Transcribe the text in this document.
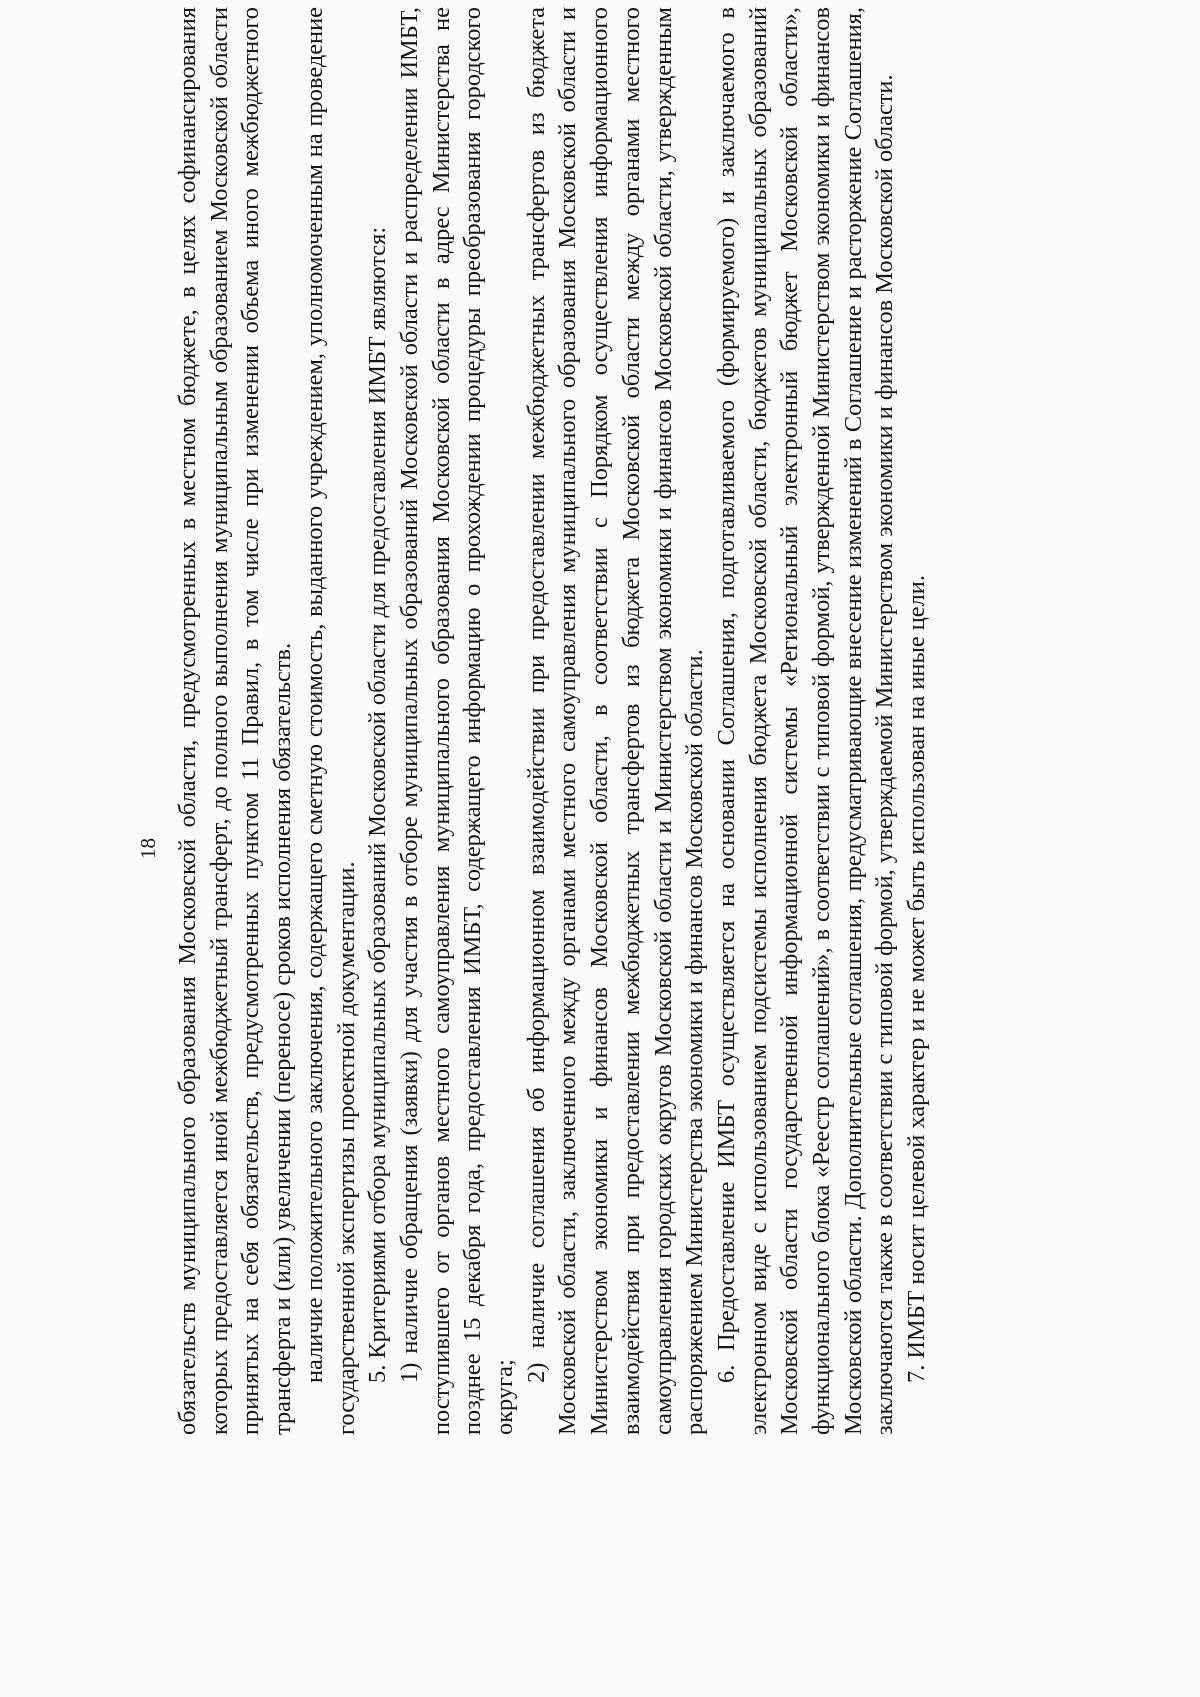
18 обязательств муниципального образования Московской области, предусмотренных в местном бюджете, в целях софинансирования которых предоставляется иной межбюджетный трансферт, до полного выполнения муниципальным образованием Московской области принятых на себя обязательств, предусмотренных пунктом 11 Правил, в том числе при изменении объема иного межбюджетного трансферта и (или) увеличении (переносе) сроков исполнения обязательств. наличие положительного заключения, содержащего сметную стоимость, выданного учреждением, уполномоченным на проведение государственной экспертизы проектной документации. 5. Критериями отбора муниципальных образований Московской области для предоставления ИМБТ являются: 1) наличие обращения (заявки) для участия в отборе муниципальных образований Московской области и распределении ИМБТ, поступившего от органов местного самоуправления муниципального образования Московской области в адрес Министерства не позднее 15 декабря года, предоставления ИМБТ, содержащего информацию о прохождении процедуры преобразования городского округа;

2) наличие соглашения об информационном взаимодействии при предоставлении межбюджетных трансфертов из бюджета Московской области, заключенного между органами местного самоуправления муниципального образования Московской области и Министерством экономики и финансов Московской области, в соответствии с Порядком осуществления информационного взаимодействия при предоставлении межбюджетных трансфертов из бюджета Московской области между органами местного самоуправления городских округов Московской области и Министерством экономики и финансов Московской области, утвержденным распоряжением Министерства экономики и финансов Московской области. 6. Предоставление ИМБТ осуществляется на основании Соглашения, подготавливаемого (формируемого) и заключаемого в электронном виде с использованием подсистемы исполнения бюджета Московской области, бюджетов муниципальных образований Московской области государственной информационной системы «Региональный электронный бюджет Московской области», функционального блока «Реестр соглашений», в соответствии с типовой формой, утвержденной Министерством экономики и финансов Московской области. Дополнительные соглашения, предусматривающие внесение изменений в Соглашение и расторжение Соглашения, заключаются также в соответствии с типовой формой, утверждаемой Министерством экономики и финансов Московской области. 7. ИМБТ носит целевой характер и не может быть использован на иные цели.
